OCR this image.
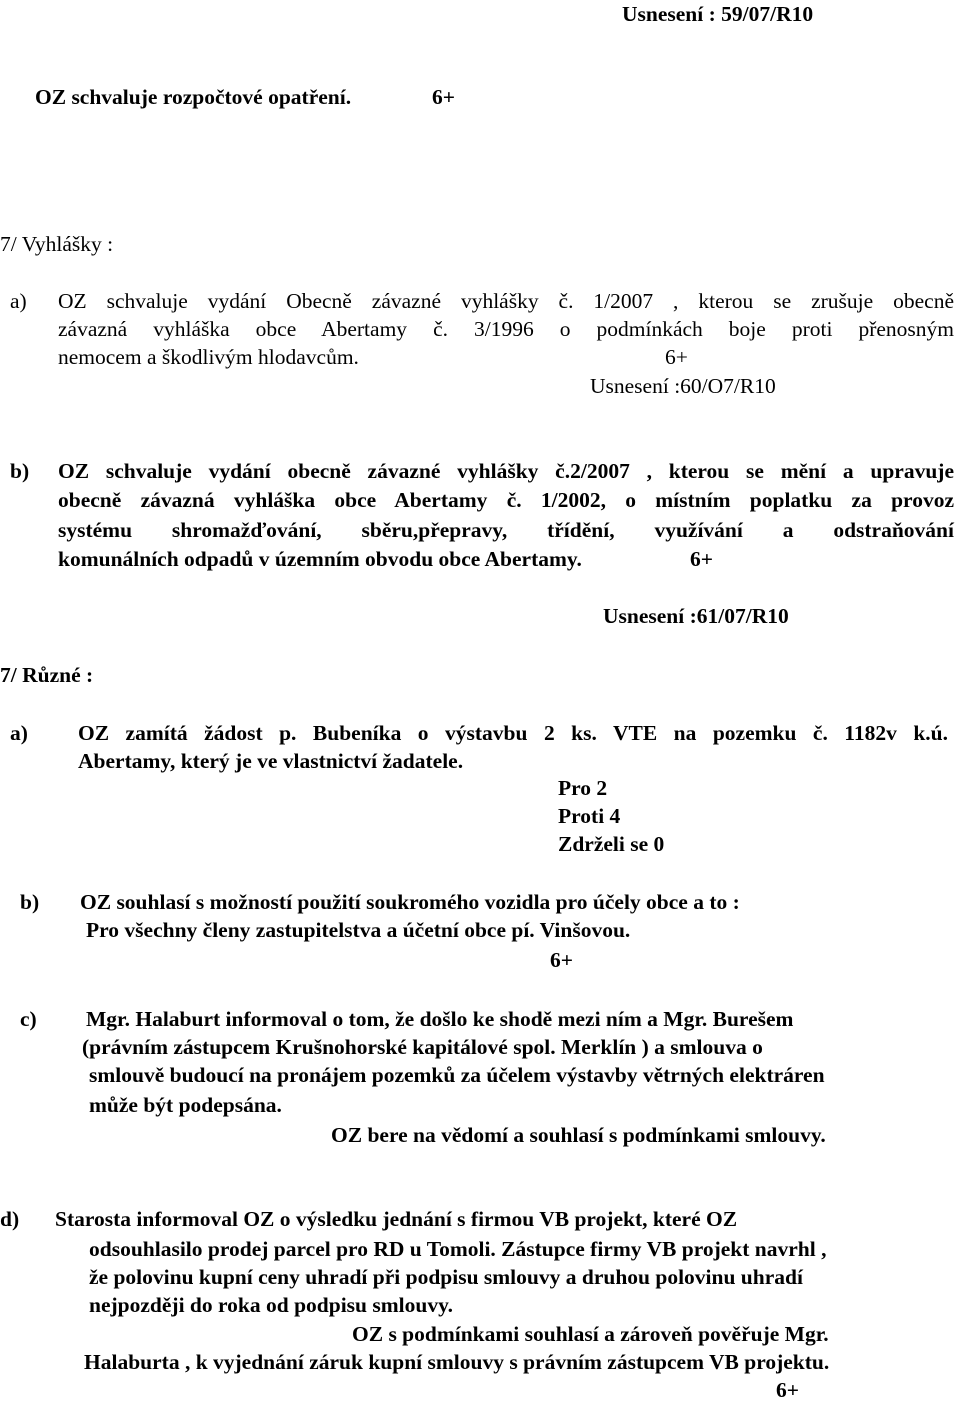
Usnesení : 59/07/R10
OZ schvaluje rozpočtové opatření.	6+
7/ Vyhlášky :
a) OZ schvaluje vydání Obecně závazné vyhlášky č. 1/2007 , kterou se zrušuje obecně
závazná vyhláška obce Abertamy č. 3/1996 o podmínkách boje proti přenosným
nemocem a škodlivým hlodavcům.	6+
Usnesení :60/O7/R10
b) OZ schvaluje vydání obecně závazné vyhlášky č.2/2007 , kterou se mění a upravuje
obecně závazná vyhláška obce Abertamy č. 1/2002, o místním poplatku za provoz
systému shromažďování, sběru,přepravy, třídění, využívání a odstraňování
komunálních odpadů v územním obvodu obce Abertamy.	6+
Usnesení :61/07/R10
7/ Různé :
a) OZ zamítá žádost p. Bubeníka o výstavbu 2 ks. VTE na pozemku č. 1182v k.ú.
Abertamy, který je ve vlastnictví žadatele.
Pro 2
Proti 4
Zdrželi se 0
b) OZ souhlasí s možností použití soukromého vozidla pro účely obce a to :
Pro všechny členy zastupitelstva a účetní obce pí. Vinšovou.
6+
c) Mgr. Halaburt informoval o tom, že došlo ke shodě mezi ním a Mgr. Burešem
(právním zástupcem Krušnohorské kapitálové spol. Merklín ) a smlouva o
smlouvě budoucí na pronájem pozemků za účelem výstavby větrných elektráren
může být podepsána.
OZ bere na vědomí a souhlasí s podmínkami smlouvy.
d) Starosta informoval OZ o výsledku jednání s firmou VB projekt, které OZ
odsouhlasilo prodej parcel pro RD u Tomoli. Zástupce firmy VB projekt navrhl ,
že polovinu kupní ceny uhradí při podpisu smlouvy a druhou polovinu uhradí
nejpozději do roka od podpisu smlouvy.
OZ s podmínkami souhlasí a zároveň pověřuje Mgr.
Halaburta , k vyjednání záruk kupní smlouvy s právním zástupcem VB projektu.
6+
